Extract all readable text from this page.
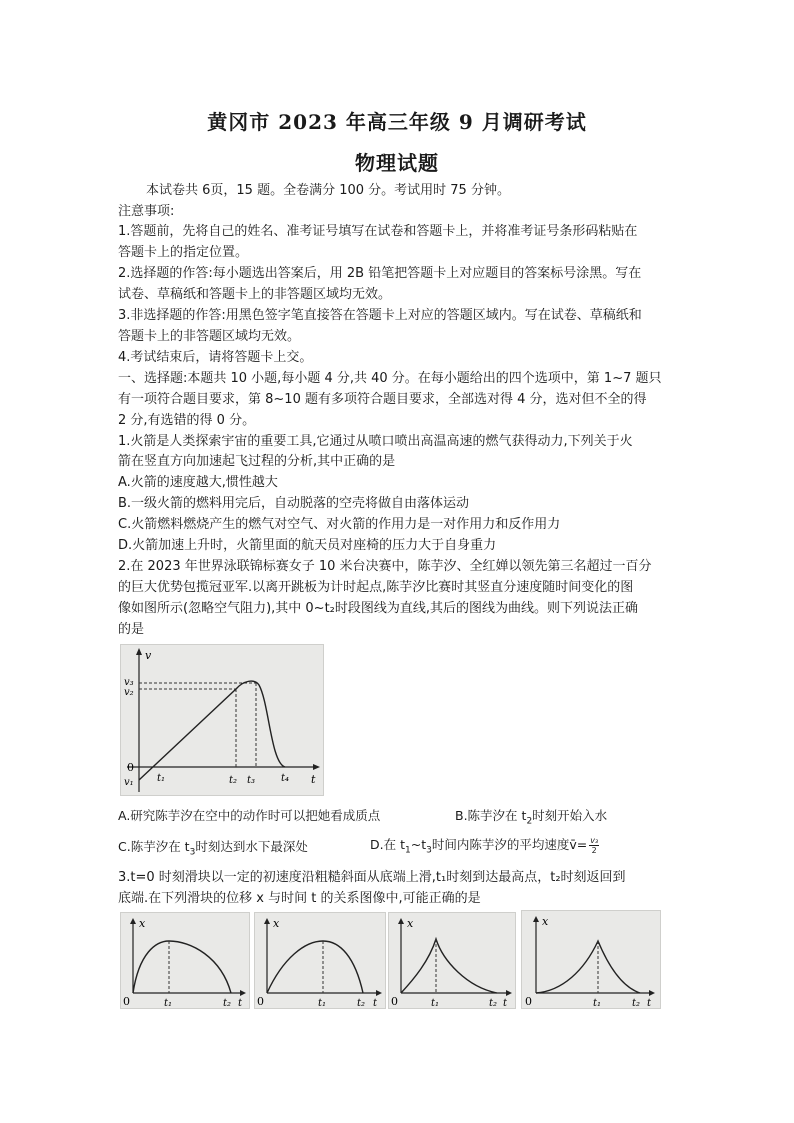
黄冈市 2023 年高三年级 9 月调研考试
物理试题
本试卷共 6页，15 题。全卷满分 100 分。考试用时 75 分钟。
注意事项:
1.答题前，先将自己的姓名、准考证号填写在试卷和答题卡上，并将准考证号条形码粘贴在
答题卡上的指定位置。
2.选择题的作答:每小题选出答案后，用 2B 铅笔把答题卡上对应题目的答案标号涂黑。写在
试卷、草稿纸和答题卡上的非答题区域均无效。
3.非选择题的作答:用黑色签字笔直接答在答题卡上对应的答题区域内。写在试卷、草稿纸和
答题卡上的非答题区域均无效。
4.考试结束后，请将答题卡上交。
一、选择题:本题共 10 小题,每小题 4 分,共 40 分。在每小题给出的四个选项中，第 1~7 题只
有一项符合题目要求，第 8~10 题有多项符合题目要求，全部选对得 4 分，选对但不全的得
2 分,有选错的得 0 分。
1.火箭是人类探索宇宙的重要工具,它通过从喷口喷出高温高速的燃气获得动力,下列关于火
箭在竖直方向加速起飞过程的分析,其中正确的是
A.火箭的速度越大,惯性越大
B.一级火箭的燃料用完后，自动脱落的空壳将做自由落体运动
C.火箭燃料燃烧产生的燃气对空气、对火箭的作用力是一对作用力和反作用力
D.火箭加速上升时，火箭里面的航天员对座椅的压力大于自身重力
2.在 2023 年世界泳联锦标赛女子 10 米台决赛中，陈芋汐、全红婵以领先第三名超过一百分
的巨大优势包揽冠亚军.以离开跳板为计时起点,陈芋汐比赛时其竖直分速度随时间变化的图
像如图所示(忽略空气阻力),其中 0~t₂时段图线为直线,其后的图线为曲线。则下列说法正确
的是
v
t
0
v₃
v₂
v₁ t₁	t₂ t₃	t₄
A.研究陈芋汐在空中的动作时可以把她看成质点	B.陈芋汐在 $t_2$时刻开始入水
C.陈芋汐在 $t_3$时刻达到水下最深处	D.在 $t_1\sim t_3$时间内陈芋汐的平均速度v̄= $\frac{\text{v₃}}{2}$
3.t=0 时刻滑块以一定的初速度沿粗糙斜面从底端上滑,t₁时刻到达最高点，t₂时刻返回到
底端.在下列滑块的位移 x 与时间 t 的关系图像中,可能正确的是
x
0	t₁	t₂ t
x
0	t₁	t₂ t
x
0	t₁	t₂ t
x
0	t₁	t₂ t
